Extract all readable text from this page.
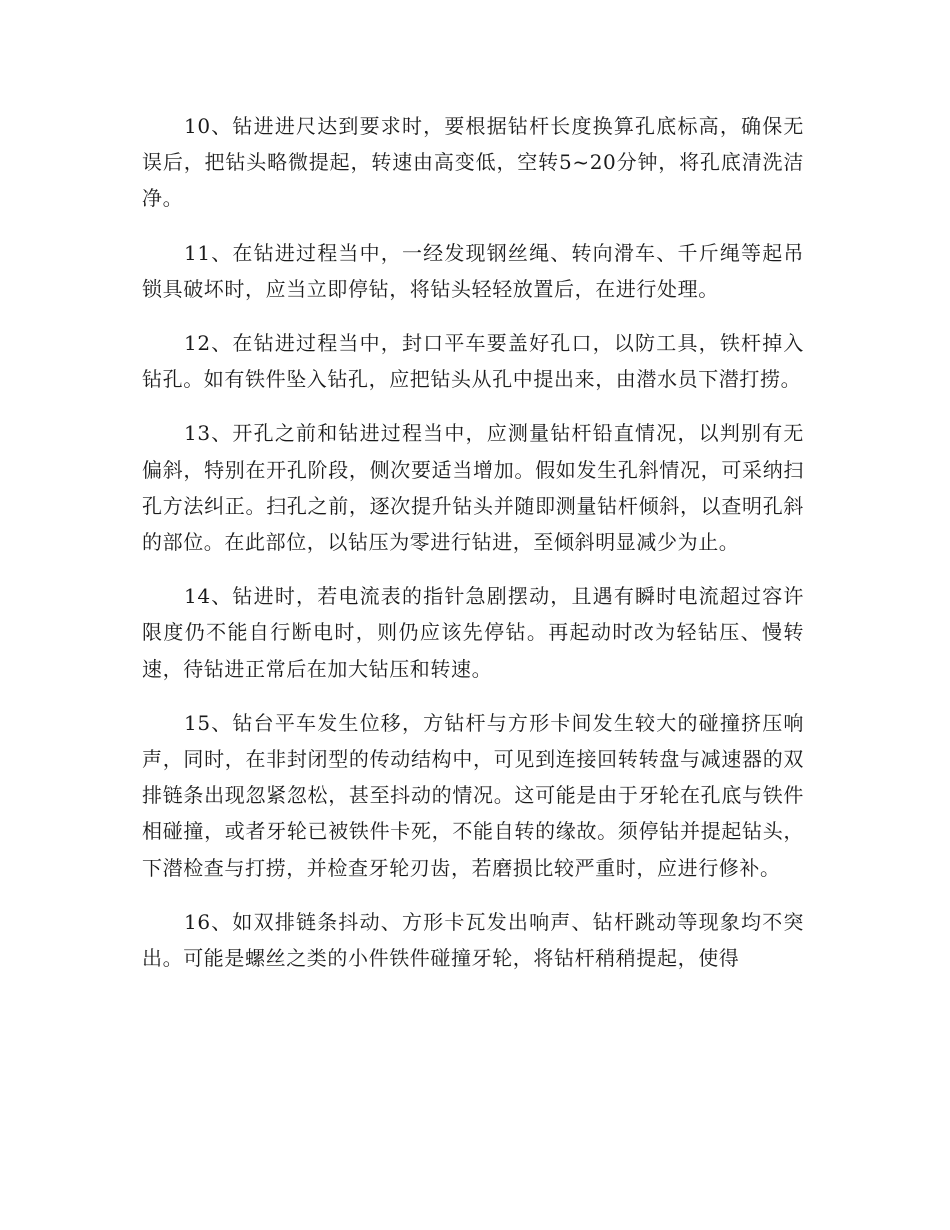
10、钻进进尺达到要求时，要根据钻杆长度换算孔底标高，确保无误后，把钻头略微提起，转速由高变低，空转5~20分钟，将孔底清洗洁净。

11、在钻进过程当中，一经发现钢丝绳、转向滑车、千斤绳等起吊锁具破坏时，应当立即停钻，将钻头轻轻放置后，在进行处理。

12、在钻进过程当中，封口平车要盖好孔口，以防工具，铁杆掉入钻孔。如有铁件坠入钻孔，应把钻头从孔中提出来，由潜水员下潜打捞。

13、开孔之前和钻进过程当中，应测量钻杆铅直情况，以判别有无偏斜，特别在开孔阶段，侧次要适当增加。假如发生孔斜情况，可采纳扫孔方法纠正。扫孔之前，逐次提升钻头并随即测量钻杆倾斜，以查明孔斜的部位。在此部位，以钻压为零进行钻进，至倾斜明显减少为止。

14、钻进时，若电流表的指针急剧摆动，且遇有瞬时电流超过容许限度仍不能自行断电时，则仍应该先停钻。再起动时改为轻钻压、慢转速，待钻进正常后在加大钻压和转速。

15、钻台平车发生位移，方钻杆与方形卡间发生较大的碰撞挤压响声，同时，在非封闭型的传动结构中，可见到连接回转转盘与减速器的双排链条出现忽紧忽松，甚至抖动的情况。这可能是由于牙轮在孔底与铁件相碰撞，或者牙轮已被铁件卡死，不能自转的缘故。须停钻并提起钻头，下潜检查与打捞，并检查牙轮刃齿，若磨损比较严重时，应进行修补。

16、如双排链条抖动、方形卡瓦发出响声、钻杆跳动等现象均不突出。可能是螺丝之类的小件铁件碰撞牙轮，将钻杆稍稍提起，使得
